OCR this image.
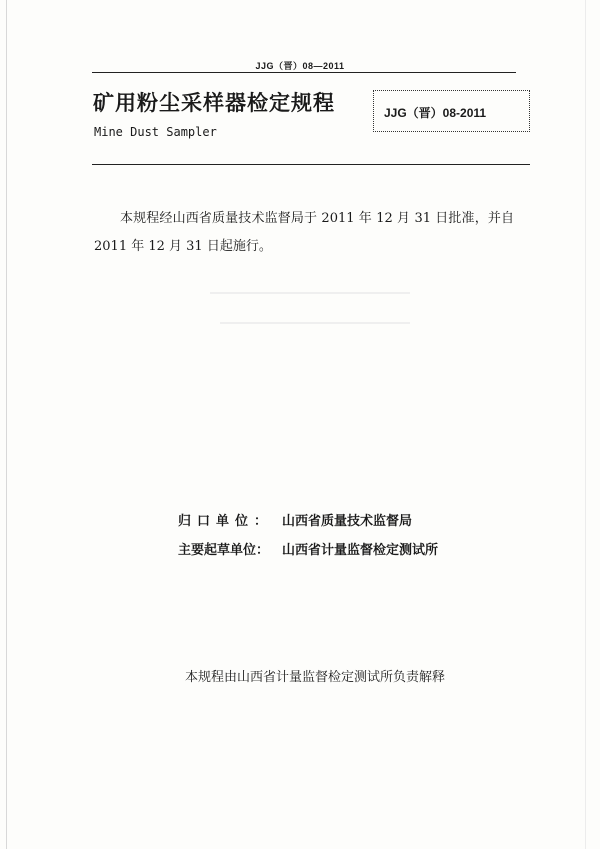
JJG（晋）08—2011
矿用粉尘采样器检定规程
Mine Dust Sampler
JJG（晋）08-2011
本规程经山西省质量技术监督局于 2011 年 12 月 31 日批准，并自 2011 年 12 月 31 日起施行。
归口单位： 山西省质量技术监督局
主要起草单位： 山西省计量监督检定测试所
本规程由山西省计量监督检定测试所负责解释
